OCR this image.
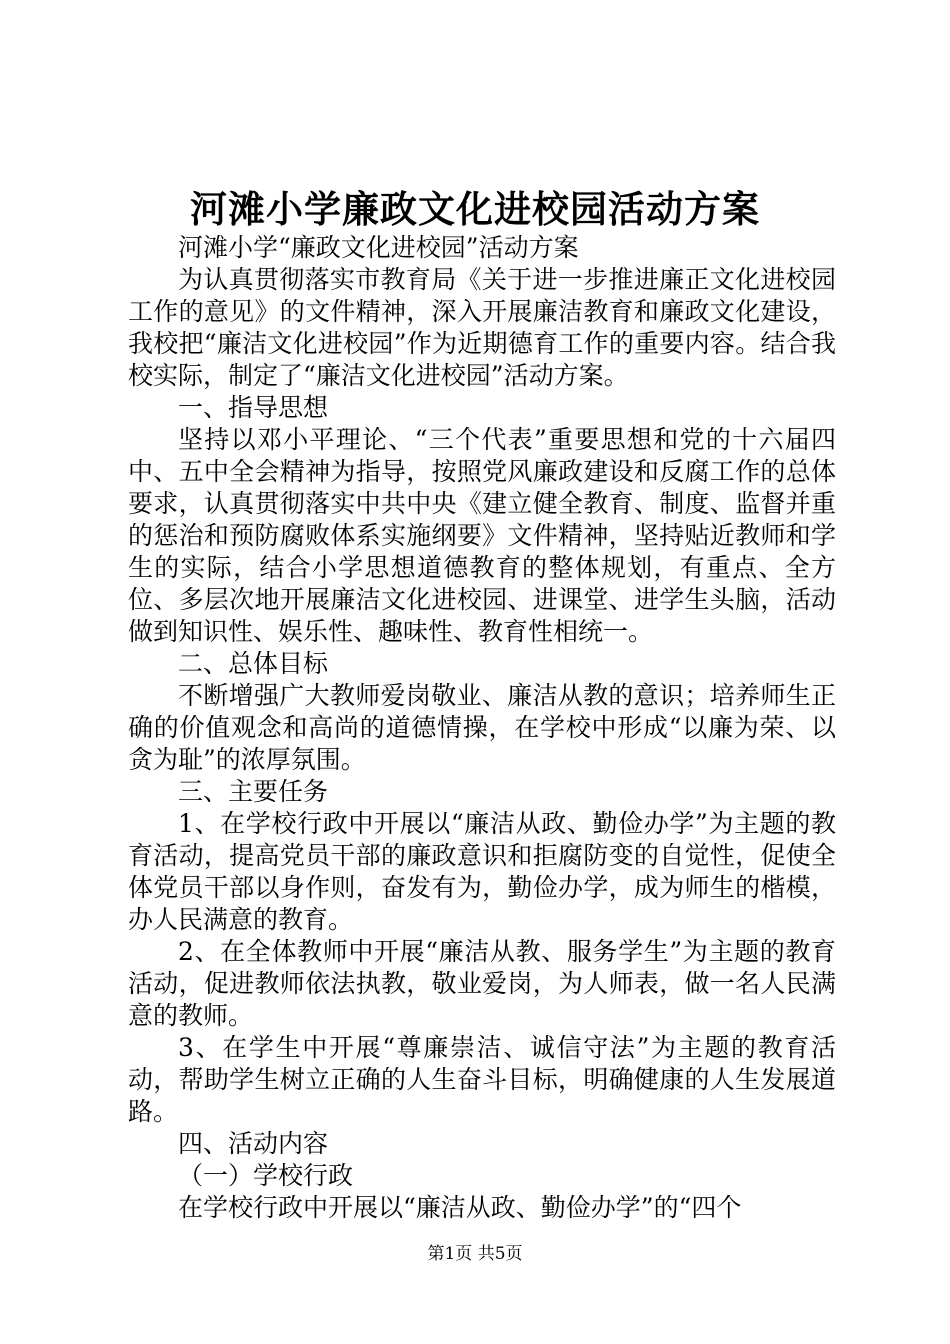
河滩小学廉政文化进校园活动方案

河滩小学“廉政文化进校园”活动方案

为认真贯彻落实市教育局《关于进一步推进廉正文化进校园工作的意见》的文件精神，深入开展廉洁教育和廉政文化建设，我校把“廉洁文化进校园”作为近期德育工作的重要内容。结合我校实际，制定了“廉洁文化进校园”活动方案。

一、指导思想

坚持以邓小平理论、“三个代表”重要思想和党的十六届四中、五中全会精神为指导，按照党风廉政建设和反腐工作的总体要求，认真贯彻落实中共中央《建立健全教育、制度、监督并重的惩治和预防腐败体系实施纲要》文件精神，坚持贴近教师和学生的实际，结合小学思想道德教育的整体规划，有重点、全方位、多层次地开展廉洁文化进校园、进课堂、进学生头脑，活动做到知识性、娱乐性、趣味性、教育性相统一。

二、总体目标

不断增强广大教师爱岗敬业、廉洁从教的意识；培养师生正确的价值观念和高尚的道德情操，在学校中形成“以廉为荣、以贪为耻”的浓厚氛围。

三、主要任务

1、在学校行政中开展以“廉洁从政、勤俭办学”为主题的教育活动，提高党员干部的廉政意识和拒腐防变的自觉性，促使全体党员干部以身作则，奋发有为，勤俭办学，成为师生的楷模，办人民满意的教育。

2、在全体教师中开展“廉洁从教、服务学生”为主题的教育活动，促进教师依法执教，敬业爱岗，为人师表，做一名人民满意的教师。

3、在学生中开展“尊廉崇洁、诚信守法”为主题的教育活动，帮助学生树立正确的人生奋斗目标，明确健康的人生发展道路。

四、活动内容

（一）学校行政

在学校行政中开展以“廉洁从政、勤俭办学”的“四个

第1页 共5页
